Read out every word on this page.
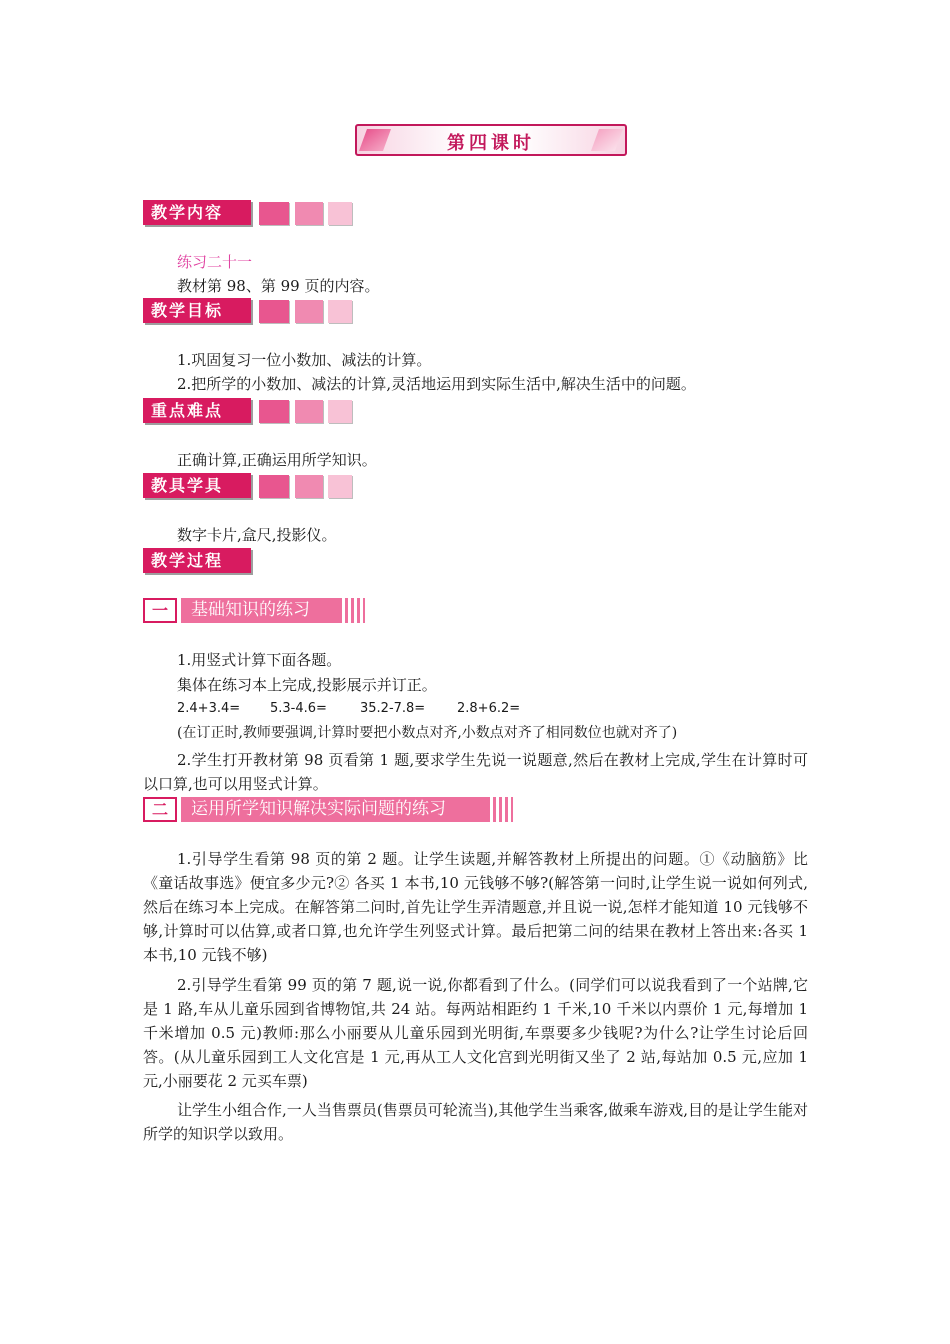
第四课时
教学内容
练习二十一
教材第 98、第 99 页的内容。
教学目标
1.巩固复习一位小数加、减法的计算。
2.把所学的小数加、减法的计算,灵活地运用到实际生活中,解决生活中的问题。
重点难点
正确计算,正确运用所学知识。
教具学具
数字卡片,盒尺,投影仪。
教学过程
一	基础知识的练习
1.用竖式计算下面各题。
集体在练习本上完成,投影展示并订正。
2.4+3.4= 5.3-4.6=	35.2-7.8= 2.8+6.2=
(在订正时,教师要强调,计算时要把小数点对齐,小数点对齐了相同数位也就对齐了)
2.学生打开教材第 98 页看第 1 题,要求学生先说一说题意,然后在教材上完成,学生在计算时可以口算,也可以用竖式计算。
二	运用所学知识解决实际问题的练习
1.引导学生看第 98 页的第 2 题。让学生读题,并解答教材上所提出的问题。①《动脑筋》比《童话故事选》便宜多少元?② 各买 1 本书,10 元钱够不够?(解答第一问时,让学生说一说如何列式,然后在练习本上完成。在解答第二问时,首先让学生弄清题意,并且说一说,怎样才能知道 10 元钱够不够,计算时可以估算,或者口算,也允许学生列竖式计算。最后把第二问的结果在教材上答出来:各买 1 本书,10 元钱不够)
2.引导学生看第 99 页的第 7 题,说一说,你都看到了什么。(同学们可以说我看到了一个站牌,它是 1 路,车从儿童乐园到省博物馆,共 24 站。每两站相距约 1 千米,10 千米以内票价 1 元,每增加 1 千米增加 0.5 元)教师:那么小丽要从儿童乐园到光明街,车票要多少钱呢?为什么?让学生讨论后回答。(从儿童乐园到工人文化宫是 1 元,再从工人文化宫到光明街又坐了 2 站,每站加 0.5 元,应加 1 元,小丽要花 2 元买车票)
让学生小组合作,一人当售票员(售票员可轮流当),其他学生当乘客,做乘车游戏,目的是让学生能对所学的知识学以致用。
